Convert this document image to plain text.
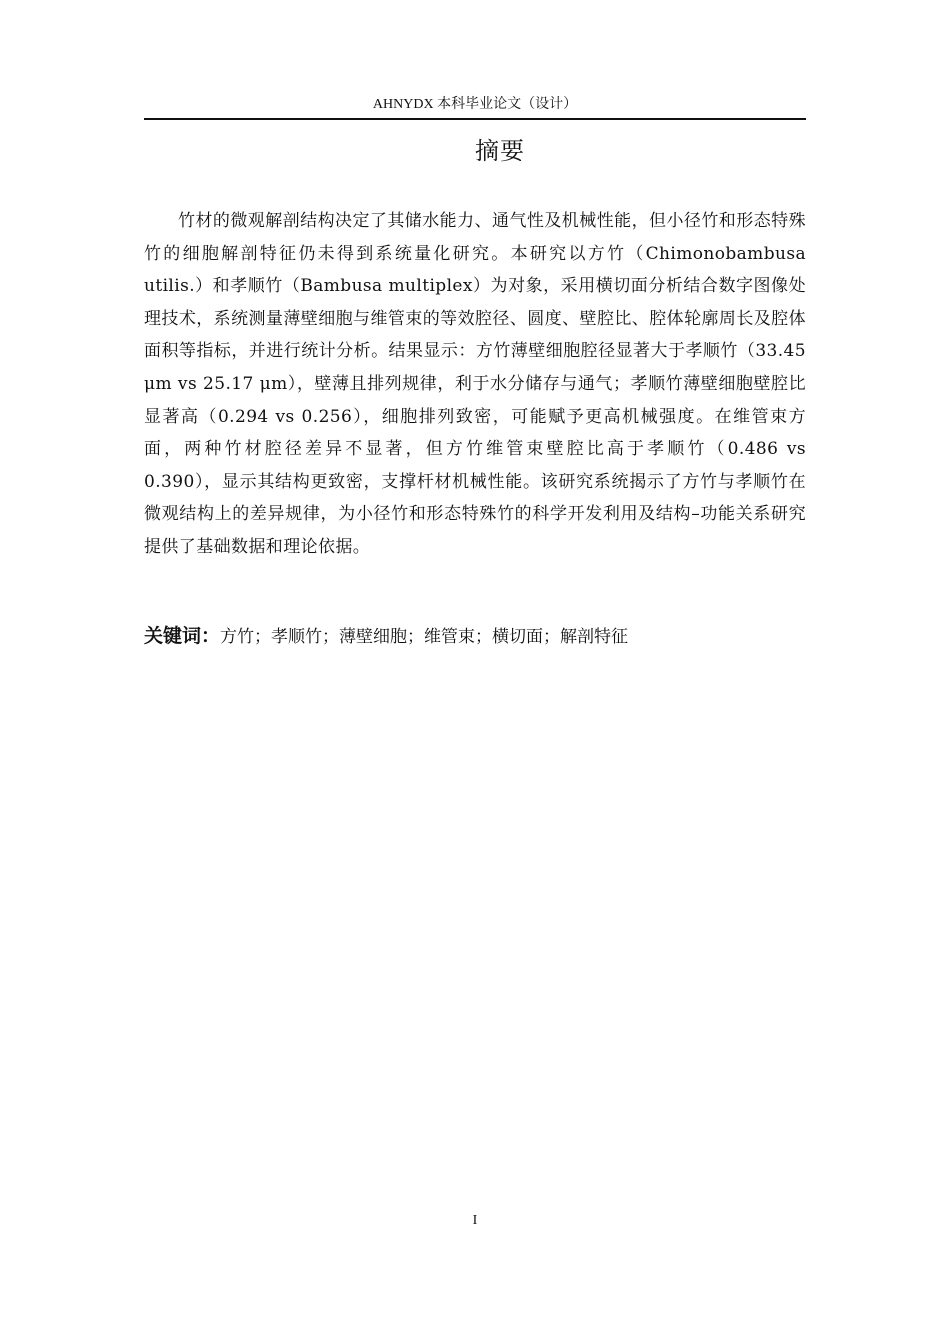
AHNYDX 本科毕业论文（设计）
摘要

竹材的微观解剖结构决定了其储水能力、通气性及机械性能，但小径竹和形态特殊竹的细胞解剖特征仍未得到系统量化研究。本研究以方竹（Chimonobambusa utilis.）和孝顺竹（Bambusa multiplex）为对象，采用横切面分析结合数字图像处理技术，系统测量薄壁细胞与维管束的等效腔径、圆度、壁腔比、腔体轮廓周长及腔体面积等指标，并进行统计分析。结果显示：方竹薄壁细胞腔径显著大于孝顺竹（33.45 μm vs 25.17 μm），壁薄且排列规律，利于水分储存与通气；孝顺竹薄壁细胞壁腔比显著高（0.294 vs 0.256），细胞排列致密，可能赋予更高机械强度。在维管束方面，两种竹材腔径差异不显著，但方竹维管束壁腔比高于孝顺竹（0.486 vs 0.390），显示其结构更致密，支撑杆材机械性能。该研究系统揭示了方竹与孝顺竹在微观结构上的差异规律，为小径竹和形态特殊竹的科学开发利用及结构–功能关系研究提供了基础数据和理论依据。

关键词：方竹；孝顺竹；薄壁细胞；维管束；横切面；解剖特征
I
